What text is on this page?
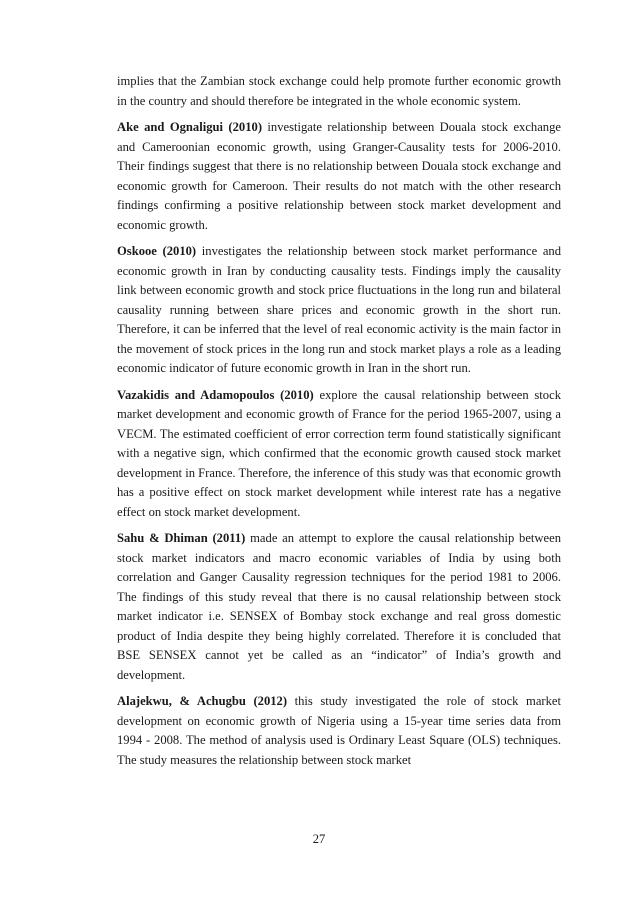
implies that the Zambian stock exchange could help promote further economic growth in the country and should therefore be integrated in the whole economic system.

Ake and Ognaligui (2010) investigate relationship between Douala stock exchange and Cameroonian economic growth, using Granger-Causality tests for 2006-2010. Their findings suggest that there is no relationship between Douala stock exchange and economic growth for Cameroon. Their results do not match with the other research findings confirming a positive relationship between stock market development and economic growth.

Oskooe (2010) investigates the relationship between stock market performance and economic growth in Iran by conducting causality tests. Findings imply the causality link between economic growth and stock price fluctuations in the long run and bilateral causality running between share prices and economic growth in the short run. Therefore, it can be inferred that the level of real economic activity is the main factor in the movement of stock prices in the long run and stock market plays a role as a leading economic indicator of future economic growth in Iran in the short run.

Vazakidis and Adamopoulos (2010) explore the causal relationship between stock market development and economic growth of France for the period 1965-2007, using a VECM. The estimated coefficient of error correction term found statistically significant with a negative sign, which confirmed that the economic growth caused stock market development in France. Therefore, the inference of this study was that economic growth has a positive effect on stock market development while interest rate has a negative effect on stock market development.

Sahu & Dhiman (2011) made an attempt to explore the causal relationship between stock market indicators and macro economic variables of India by using both correlation and Ganger Causality regression techniques for the period 1981 to 2006. The findings of this study reveal that there is no causal relationship between stock market indicator i.e. SENSEX of Bombay stock exchange and real gross domestic product of India despite they being highly correlated. Therefore it is concluded that BSE SENSEX cannot yet be called as an “indicator” of India’s growth and development.

Alajekwu, & Achugbu (2012) this study investigated the role of stock market development on economic growth of Nigeria using a 15-year time series data from 1994 - 2008. The method of analysis used is Ordinary Least Square (OLS) techniques. The study measures the relationship between stock market

27
